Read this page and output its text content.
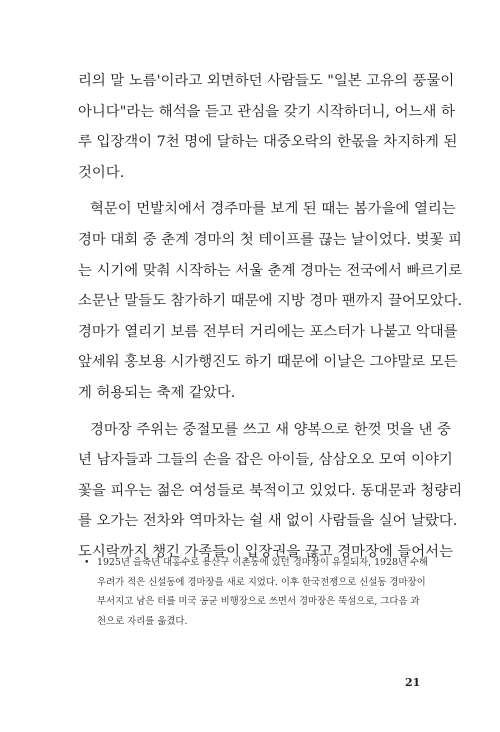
리의 말 노름'이라고 외면하던 사람들도 "일본 고유의 풍물이
아니다"라는 해석을 듣고 관심을 갖기 시작하더니, 어느새 하
루 입장객이 7천 명에 달하는 대중오락의 한몫을 차지하게 된
것이다.
혁문이 먼발치에서 경주마를 보게 된 때는 봄가을에 열리는
경마 대회 중 춘계 경마의 첫 테이프를 끊는 날이었다. 벚꽃 피
는 시기에 맞춰 시작하는 서울 춘계 경마는 전국에서 빠르기로
소문난 말들도 참가하기 때문에 지방 경마 팬까지 끌어모았다.
경마가 열리기 보름 전부터 거리에는 포스터가 나붙고 악대를
앞세워 홍보용 시가행진도 하기 때문에 이날은 그야말로 모든
게 허용되는 축제 같았다.
경마장 주위는 중절모를 쓰고 새 양복으로 한껏 멋을 낸 중
년 남자들과 그들의 손을 잡은 아이들, 삼삼오오 모여 이야기
꽃을 피우는 젊은 여성들로 북적이고 있었다. 동대문과 청량리
를 오가는 전차와 역마차는 쉴 새 없이 사람들을 실어 날랐다.
도시락까지 챙긴 가족들이 입장권을 끊고 경마장에 들어서는
• 1925년 을축년 대홍수로 용산구 이촌동에 있던 경마장이 유실되자, 1928년 수해
우려가 적은 신설동에 경마장을 새로 지었다. 이후 한국전쟁으로 신설동 경마장이
부서지고 남은 터를 미국 공군 비행장으로 쓰면서 경마장은 뚝섬으로, 그다음 과
천으로 자리를 옮겼다.
21
